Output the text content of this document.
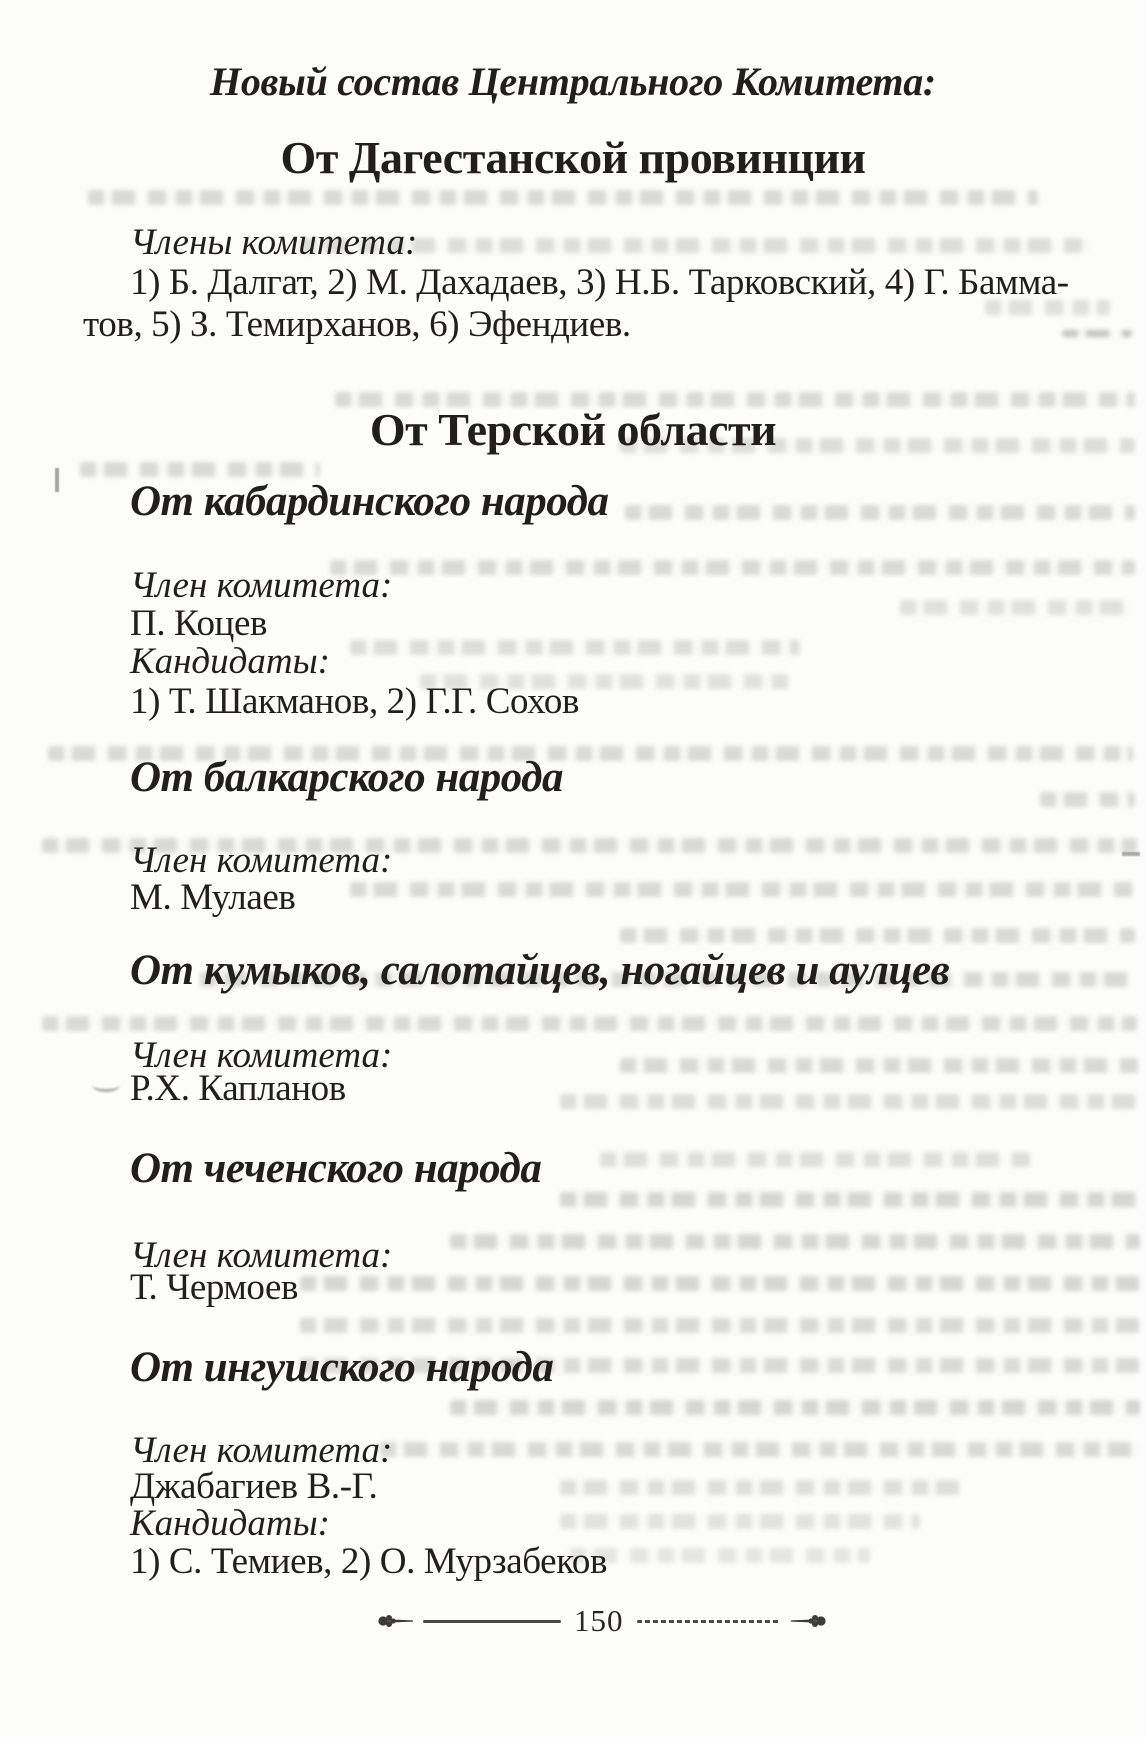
Новый состав Центрального Комитета:
От Дагестанской провинции
Члены комитета:
1) Б. Далгат, 2) М. Дахадаев, 3) Н.Б. Тарковский, 4) Г. Бамма-
тов, 5) З. Темирханов, 6) Эфендиев.
От Терской области
От кабардинского народа
Член комитета:
П. Коцев
Кандидаты:
1) Т. Шакманов, 2) Г.Г. Сохов
От балкарского народа
Член комитета:
М. Мулаев
От кумыков, салотайцев, ногайцев и аулцев
Член комитета:
Р.Х. Капланов
От чеченского народа
Член комитета:
Т. Чермоев
От ингушского народа
Член комитета:
Джабагиев В.-Г.
Кандидаты:
1) С. Темиев, 2) О. Мурзабеков
150
